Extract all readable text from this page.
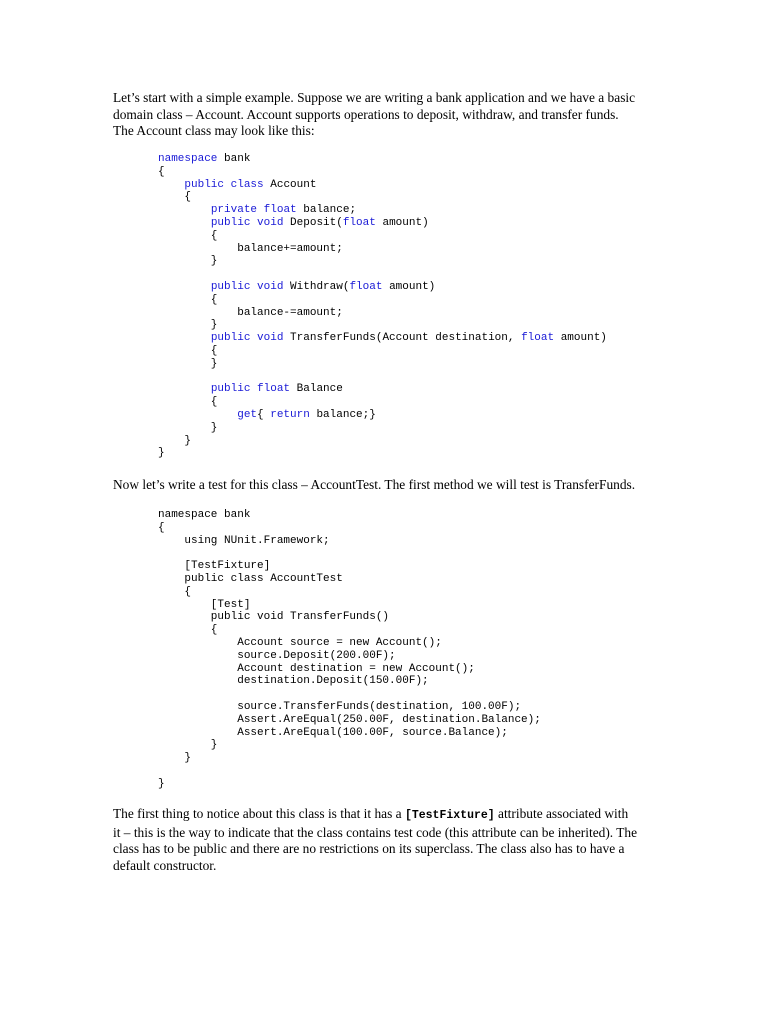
Let’s start with a simple example. Suppose we are writing a bank application and we have a basic
domain class – Account. Account supports operations to deposit, withdraw, and transfer funds.
The Account class may look like this:

namespace bank
{
public class Account
{
private float balance;
public void Deposit(float amount)
{
balance+=amount;
}
public void Withdraw(float amount)
{
balance-=amount;
}
public void TransferFunds(Account destination, float amount)
{
}
public float Balance
{
get{ return balance;}
}
}
}

Now let’s write a test for this class – AccountTest. The first method we will test is TransferFunds.

namespace bank
{
using NUnit.Framework;
[TestFixture]
public class AccountTest
{
[Test]
public void TransferFunds()
{
Account source = new Account();
source.Deposit(200.00F);
Account destination = new Account();
destination.Deposit(150.00F);
source.TransferFunds(destination, 100.00F);
Assert.AreEqual(250.00F, destination.Balance);
Assert.AreEqual(100.00F, source.Balance);
}
}
}

The first thing to notice about this class is that it has a [TestFixture] attribute associated with
it – this is the way to indicate that the class contains test code (this attribute can be inherited). The
class has to be public and there are no restrictions on its superclass. The class also has to have a
default constructor.
